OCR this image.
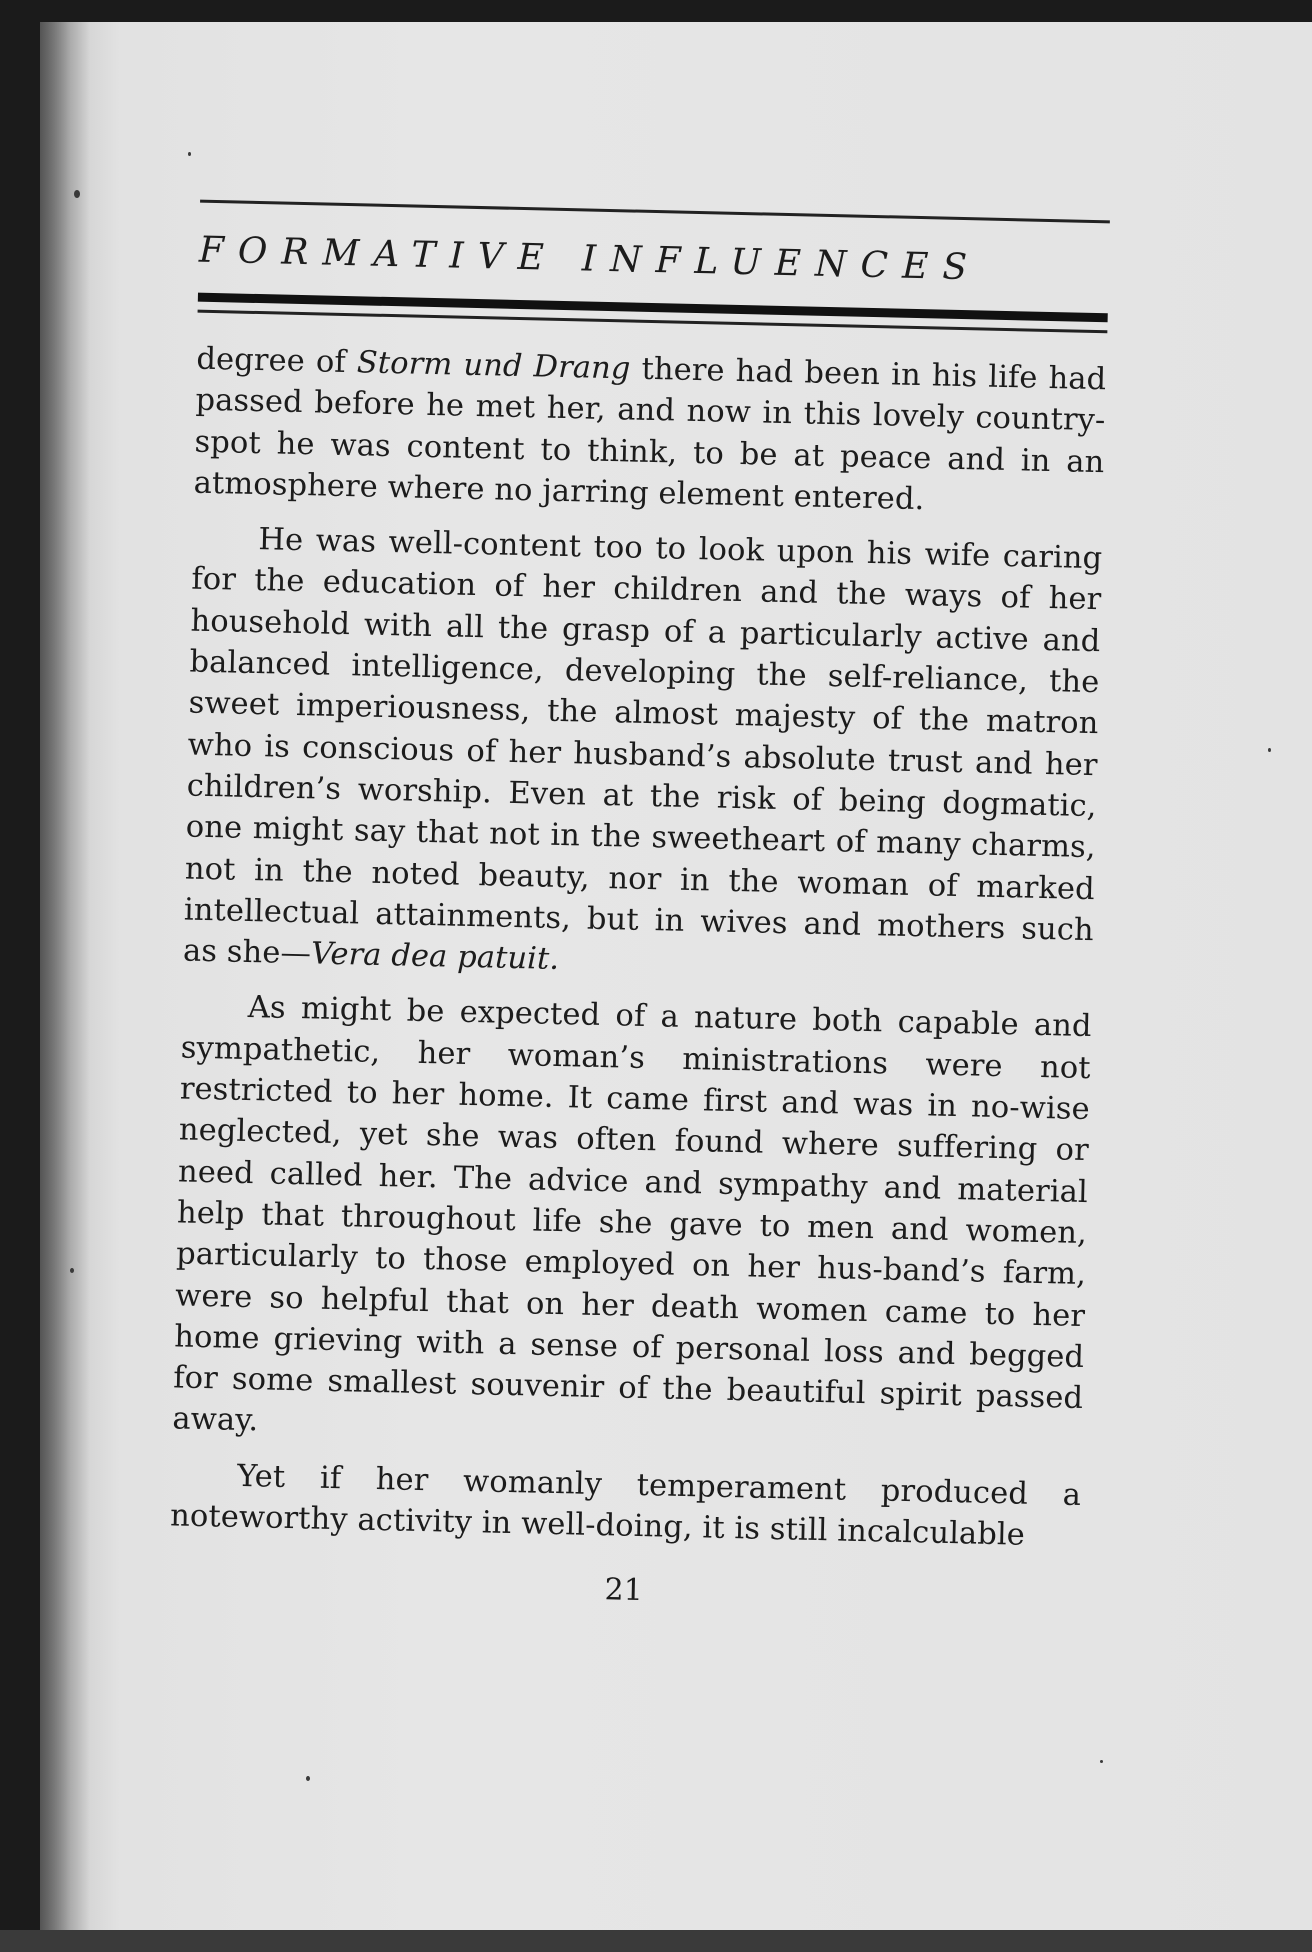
FORMATIVE INFLUENCES

degree of Storm und Drang there had been in his life had passed before he met her, and now in this lovely country-spot he was content to think, to be at peace and in an atmosphere where no jarring element entered.

He was well-content too to look upon his wife caring for the education of her children and the ways of her household with all the grasp of a particularly active and balanced intelligence, developing the self-reliance, the sweet imperiousness, the almost majesty of the matron who is conscious of her husband’s absolute trust and her children’s worship. Even at the risk of being dogmatic, one might say that not in the sweetheart of many charms, not in the noted beauty, nor in the woman of marked intellectual attainments, but in wives and mothers such as she—Vera dea patuit.

As might be expected of a nature both capable and sympathetic, her woman’s ministrations were not restricted to her home. It came first and was in no-wise neglected, yet she was often found where suffering or need called her. The advice and sympathy and material help that throughout life she gave to men and women, particularly to those employed on her hus-band’s farm, were so helpful that on her death women came to her home grieving with a sense of personal loss and begged for some smallest souvenir of the beautiful spirit passed away.

Yet if her womanly temperament produced a noteworthy activity in well-doing, it is still incalculable

21
